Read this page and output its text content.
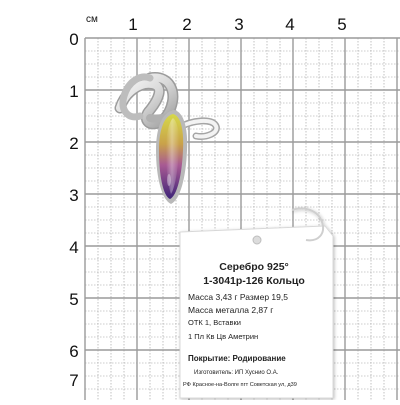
см 1	2	3 4	5
0
1
2
3
4
5
6
7
Серебро 925°
1-3041р-126 Кольцо
Масса 3,43 г Размер 19,5
Масса металла 2,87 г
ОТК 1, Вставки
1 Пл Кв Цв Аметрин
Покрытие: Родирование
Изготовитель: ИП Хуснио О.А.
РФ Красное-на-Волге пгт Советская ул, д39
